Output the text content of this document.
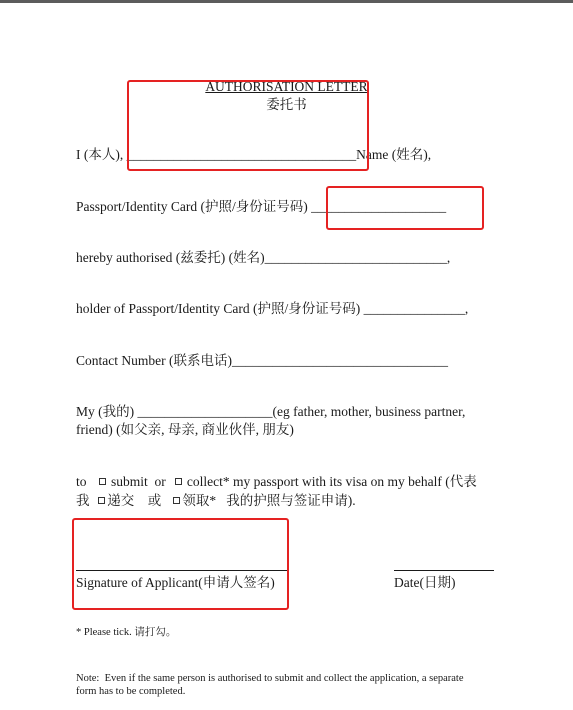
AUTHORISATION LETTER
委托书
I (本人), __________________________________Name (姓名),
Passport/Identity Card (护照/身份证号码) ____________________
hereby authorised (兹委托) (姓名)___________________________,
holder of Passport/Identity Card (护照/身份证号码) _______________,
Contact Number (联系电话)________________________________
My (我的) ____________________(eg father, mother, business partner,
friend) (如父亲, 母亲, 商业伙伴, 朋友)
to submit or collect* my passport with its visa on my behalf (代表
我 递交 或 领取* 我的护照与签证申请).
Signature of Applicant(申请人签名)	Date(日期)
* Please tick. 请打勾。
Note:  Even if the same person is authorised to submit and collect the application, a separate
form has to be completed.
